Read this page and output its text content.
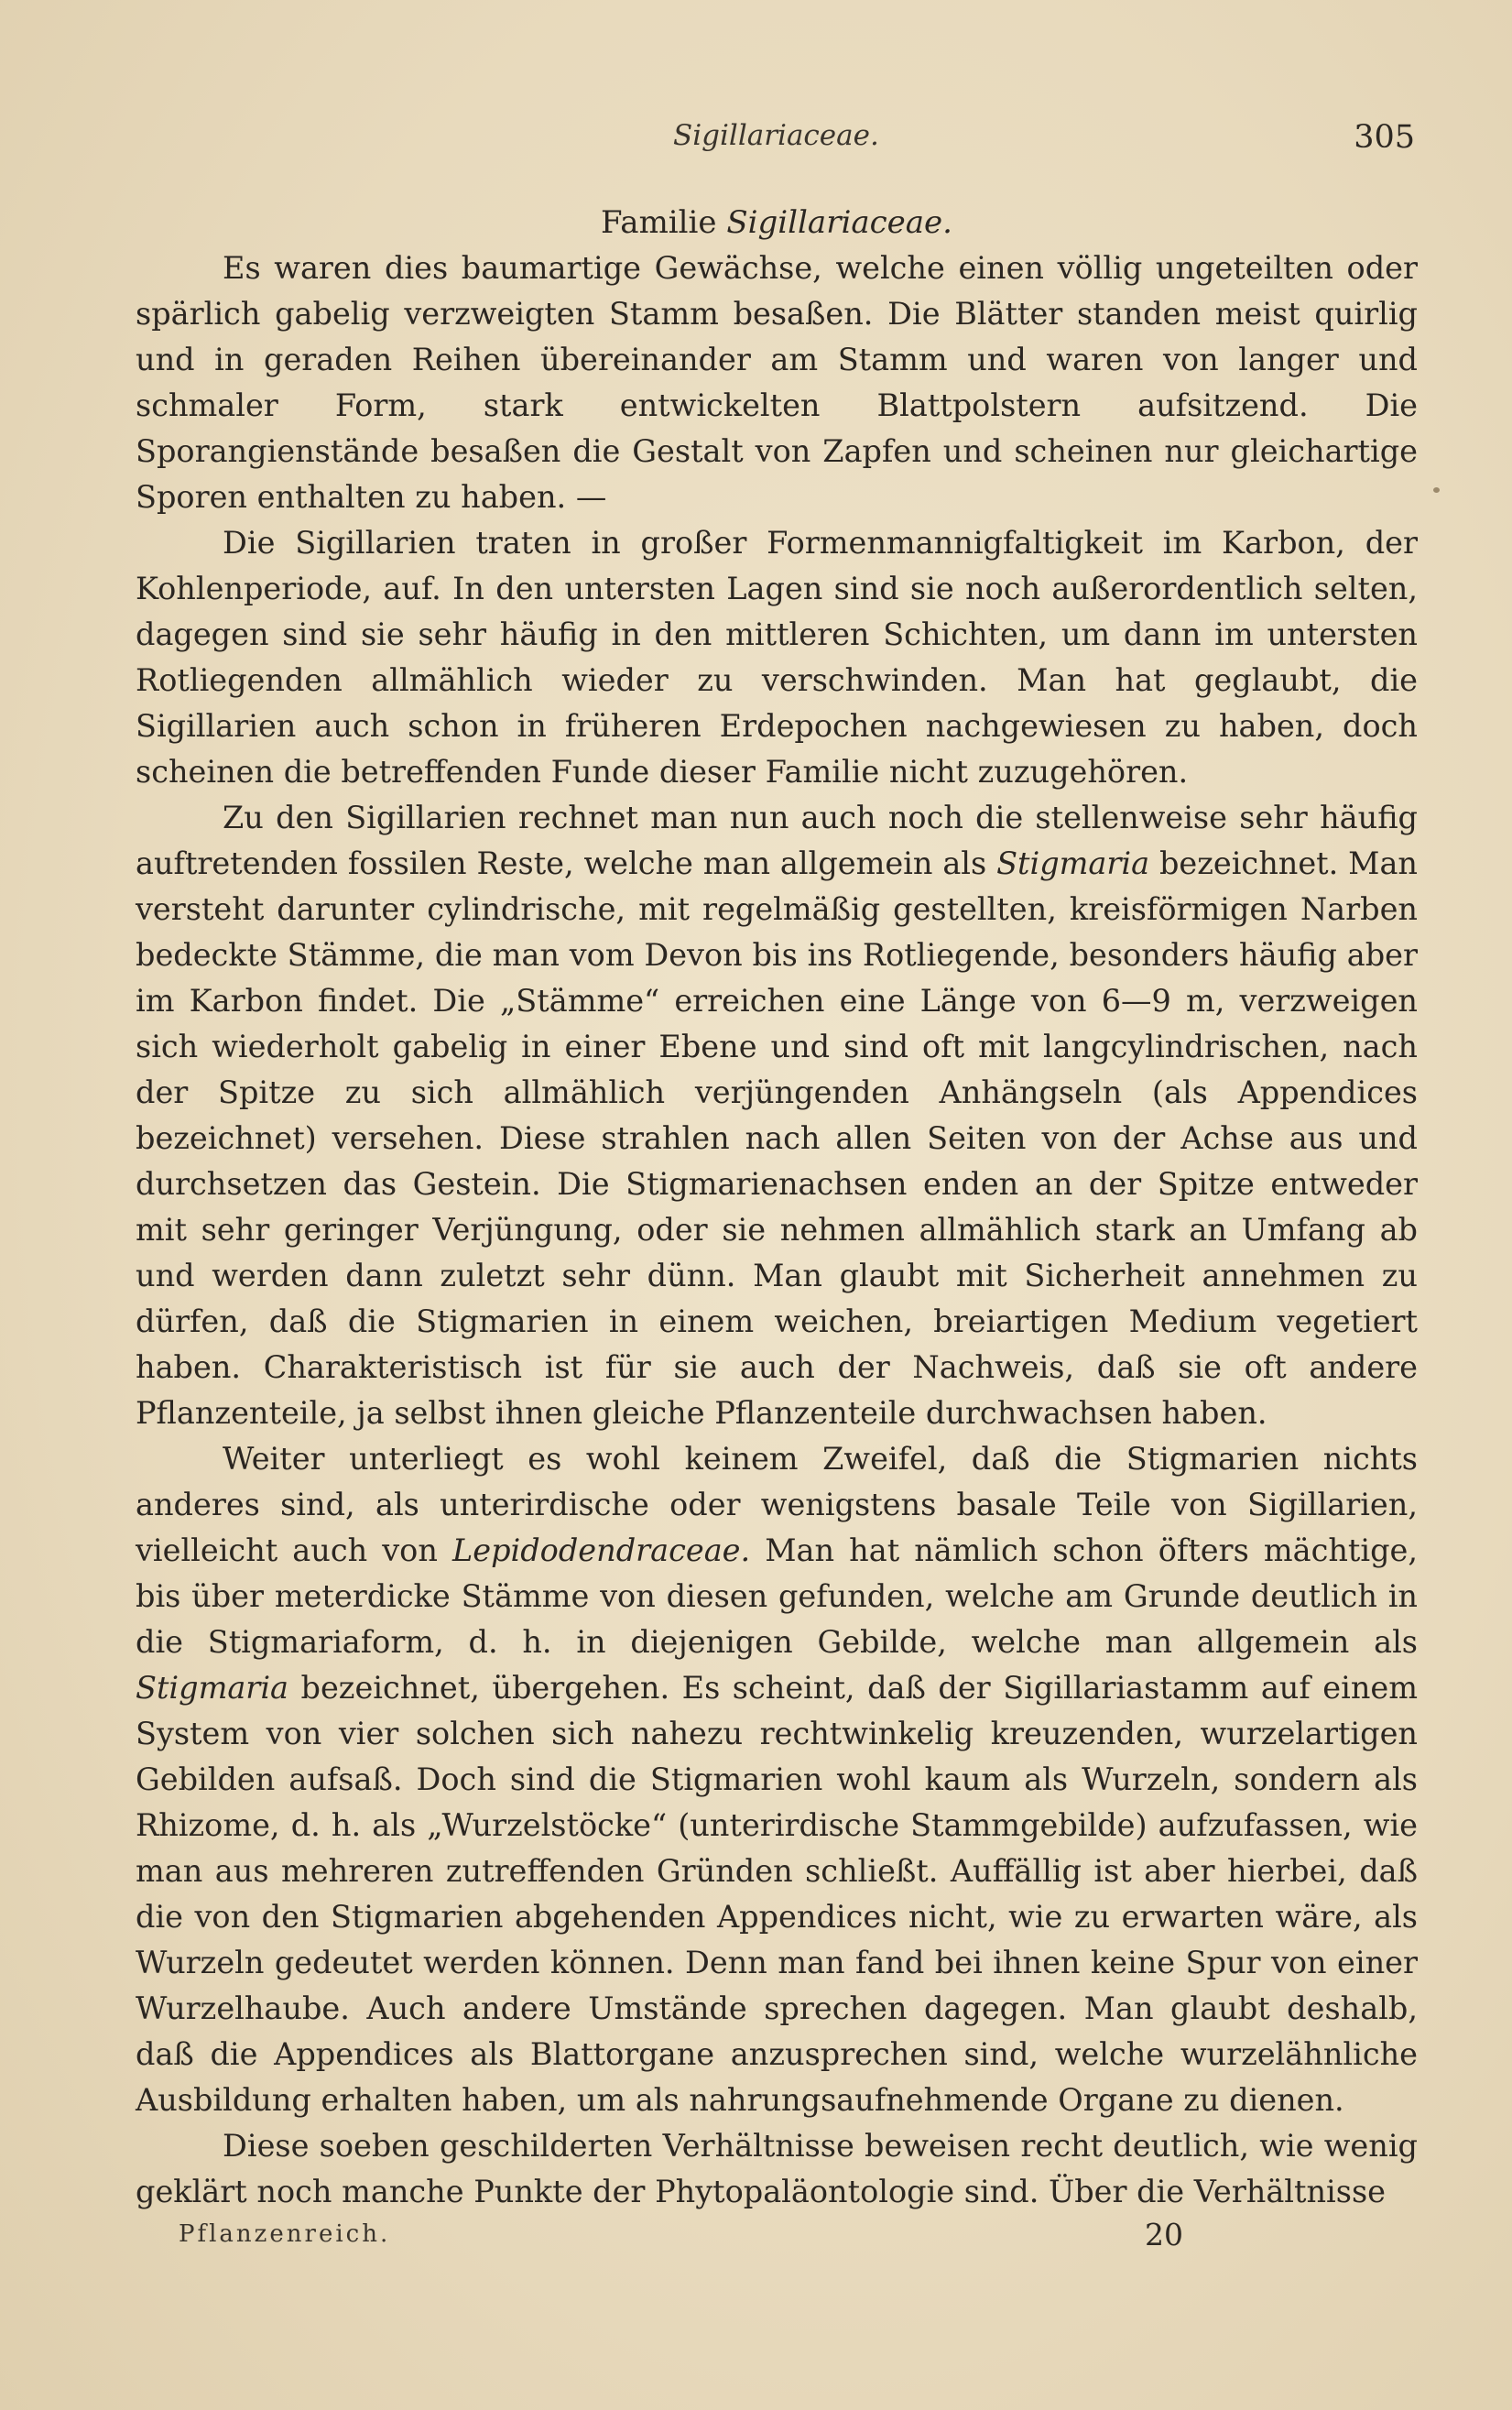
Sigillariaceae.	305

Familie Sigillariaceae.

Es waren dies baumartige Gewächse, welche einen völlig ungeteilten oder spärlich gabelig verzweigten Stamm besaßen. Die Blätter standen meist quirlig und in geraden Reihen übereinander am Stamm und waren von langer und schmaler Form, stark entwickelten Blattpolstern aufsitzend. Die Sporangienstände besaßen die Gestalt von Zapfen und scheinen nur gleichartige Sporen enthalten zu haben. —

Die Sigillarien traten in großer Formenmannigfaltigkeit im Karbon, der Kohlenperiode, auf. In den untersten Lagen sind sie noch außerordentlich selten, dagegen sind sie sehr häufig in den mittleren Schichten, um dann im untersten Rotliegenden allmählich wieder zu verschwinden. Man hat geglaubt, die Sigillarien auch schon in früheren Erdepochen nachgewiesen zu haben, doch scheinen die betreffenden Funde dieser Familie nicht zuzugehören.

Zu den Sigillarien rechnet man nun auch noch die stellenweise sehr häufig auftretenden fossilen Reste, welche man allgemein als Stigmaria bezeichnet. Man versteht darunter cylindrische, mit regelmäßig gestellten, kreisförmigen Narben bedeckte Stämme, die man vom Devon bis ins Rotliegende, besonders häufig aber im Karbon findet. Die „Stämme“ erreichen eine Länge von 6—9 m, verzweigen sich wiederholt gabelig in einer Ebene und sind oft mit langcylindrischen, nach der Spitze zu sich allmählich verjüngenden Anhängseln (als Appendices bezeichnet) versehen. Diese strahlen nach allen Seiten von der Achse aus und durchsetzen das Gestein. Die Stigmarienachsen enden an der Spitze entweder mit sehr geringer Verjüngung, oder sie nehmen allmählich stark an Umfang ab und werden dann zuletzt sehr dünn. Man glaubt mit Sicherheit annehmen zu dürfen, daß die Stigmarien in einem weichen, breiartigen Medium vegetiert haben. Charakteristisch ist für sie auch der Nachweis, daß sie oft andere Pflanzenteile, ja selbst ihnen gleiche Pflanzenteile durchwachsen haben.

Weiter unterliegt es wohl keinem Zweifel, daß die Stigmarien nichts anderes sind, als unterirdische oder wenigstens basale Teile von Sigillarien, vielleicht auch von Lepidodendraceae. Man hat nämlich schon öfters mächtige, bis über meterdicke Stämme von diesen gefunden, welche am Grunde deutlich in die Stigmariaform, d. h. in diejenigen Gebilde, welche man allgemein als Stigmaria bezeichnet, übergehen. Es scheint, daß der Sigillariastamm auf einem System von vier solchen sich nahezu rechtwinkelig kreuzenden, wurzelartigen Gebilden aufsaß. Doch sind die Stigmarien wohl kaum als Wurzeln, sondern als Rhizome, d. h. als „Wurzelstöcke“ (unterirdische Stammgebilde) aufzufassen, wie man aus mehreren zutreffenden Gründen schließt. Auffällig ist aber hierbei, daß die von den Stigmarien abgehenden Appendices nicht, wie zu erwarten wäre, als Wurzeln gedeutet werden können. Denn man fand bei ihnen keine Spur von einer Wurzelhaube. Auch andere Umstände sprechen dagegen. Man glaubt deshalb, daß die Appendices als Blattorgane anzusprechen sind, welche wurzelähnliche Ausbildung erhalten haben, um als nahrungsaufnehmende Organe zu dienen.

Diese soeben geschilderten Verhältnisse beweisen recht deutlich, wie wenig geklärt noch manche Punkte der Phytopaläontologie sind. Über die Verhältnisse

Pflanzenreich.	20
